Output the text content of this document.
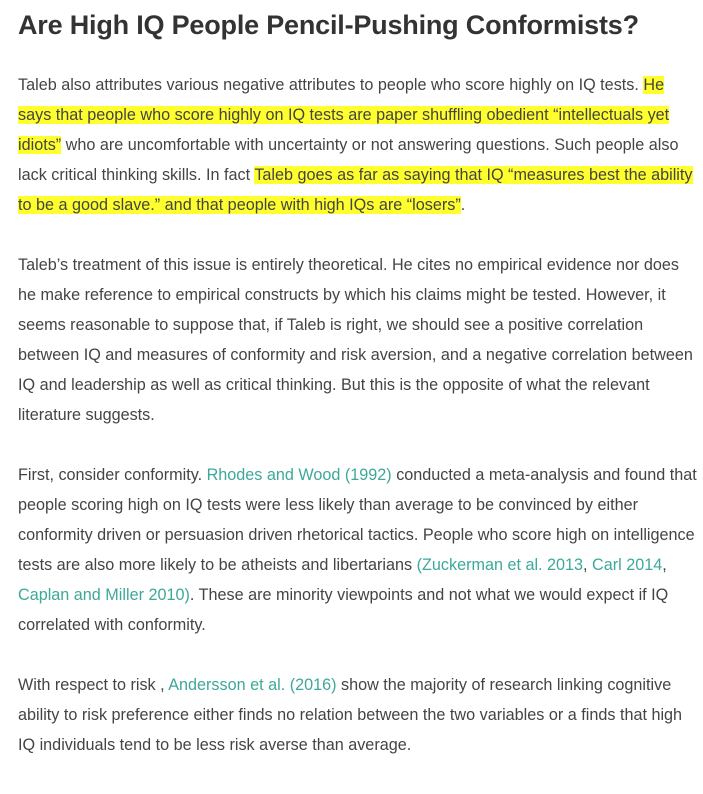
Are High IQ People Pencil-Pushing Conformists?

Taleb also attributes various negative attributes to people who score highly on IQ tests. He says that people who score highly on IQ tests are paper shuffling obedient “intellectuals yet idiots” who are uncomfortable with uncertainty or not answering questions. Such people also lack critical thinking skills. In fact Taleb goes as far as saying that IQ “measures best the ability to be a good slave.” and that people with high IQs are “losers”.

Taleb’s treatment of this issue is entirely theoretical. He cites no empirical evidence nor does he make reference to empirical constructs by which his claims might be tested. However, it seems reasonable to suppose that, if Taleb is right, we should see a positive correlation between IQ and measures of conformity and risk aversion, and a negative correlation between IQ and leadership as well as critical thinking. But this is the opposite of what the relevant literature suggests.

First, consider conformity. Rhodes and Wood (1992) conducted a meta-analysis and found that people scoring high on IQ tests were less likely than average to be convinced by either conformity driven or persuasion driven rhetorical tactics. People who score high on intelligence tests are also more likely to be atheists and libertarians (Zuckerman et al. 2013, Carl 2014, Caplan and Miller 2010). These are minority viewpoints and not what we would expect if IQ correlated with conformity.

With respect to risk , Andersson et al. (2016) show the majority of research linking cognitive ability to risk preference either finds no relation between the two variables or a finds that high IQ individuals tend to be less risk averse than average.
